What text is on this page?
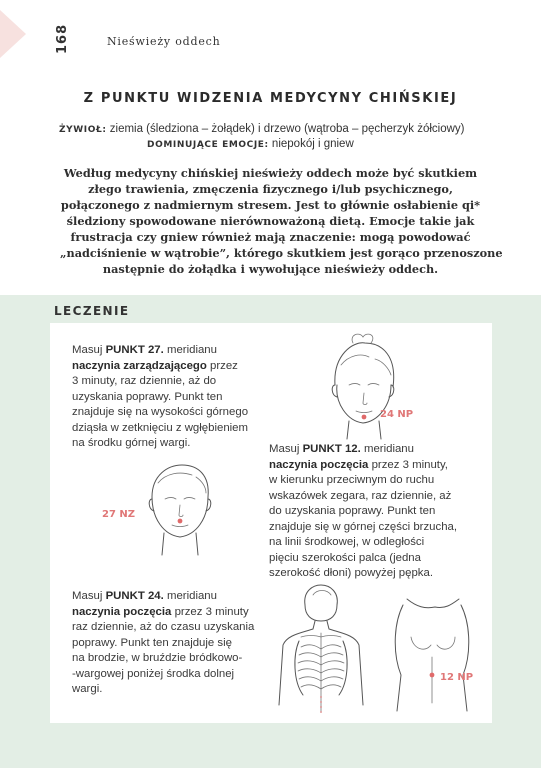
168	Nieświeży oddech
Z PUNKTU WIDZENIA MEDYCYNY CHIŃSKIEJ
ŻYWIOŁ: ziemia (śledziona – żołądek) i drzewo (wątroba – pęcherzyk żółciowy)
DOMINUJĄCE EMOCJE: niepokój i gniew
Według medycyny chińskiej nieświeży oddech może być skutkiem
złego trawienia, zmęczenia fizycznego i/lub psychicznego,
połączonego z nadmiernym stresem. Jest to głównie osłabienie qi*
śledziony spowodowane nierównoważoną dietą. Emocje takie jak
frustracja czy gniew również mają znaczenie: mogą powodować
„nadciśnienie w wątrobie”, którego skutkiem jest gorąco przenoszone
następnie do żołądka i wywołujące nieświeży oddech.
LECZENIE
Masuj PUNKT 27. meridianu
naczynia zarządzającego przez
3 minuty, raz dziennie, aż do
uzyskania poprawy. Punkt ten
znajduje się na wysokości górnego
dziąsła w zetknięciu z wgłębieniem
na środku górnej wargi.
24 NP
27 NZ
Masuj PUNKT 12. meridianu
naczynia poczęcia przez 3 minuty,
w kierunku przeciwnym do ruchu
wskazówek zegara, raz dziennie, aż
do uzyskania poprawy. Punkt ten
znajduje się w górnej części brzucha,
na linii środkowej, w odległości
pięciu szerokości palca (jedna
szerokość dłoni) powyżej pępka.
Masuj PUNKT 24. meridianu
naczynia poczęcia przez 3 minuty
raz dziennie, aż do czasu uzyskania
poprawy. Punkt ten znajduje się
na brodzie, w bruździe bródkowo-
-wargowej poniżej środka dolnej
wargi.
12 NP
